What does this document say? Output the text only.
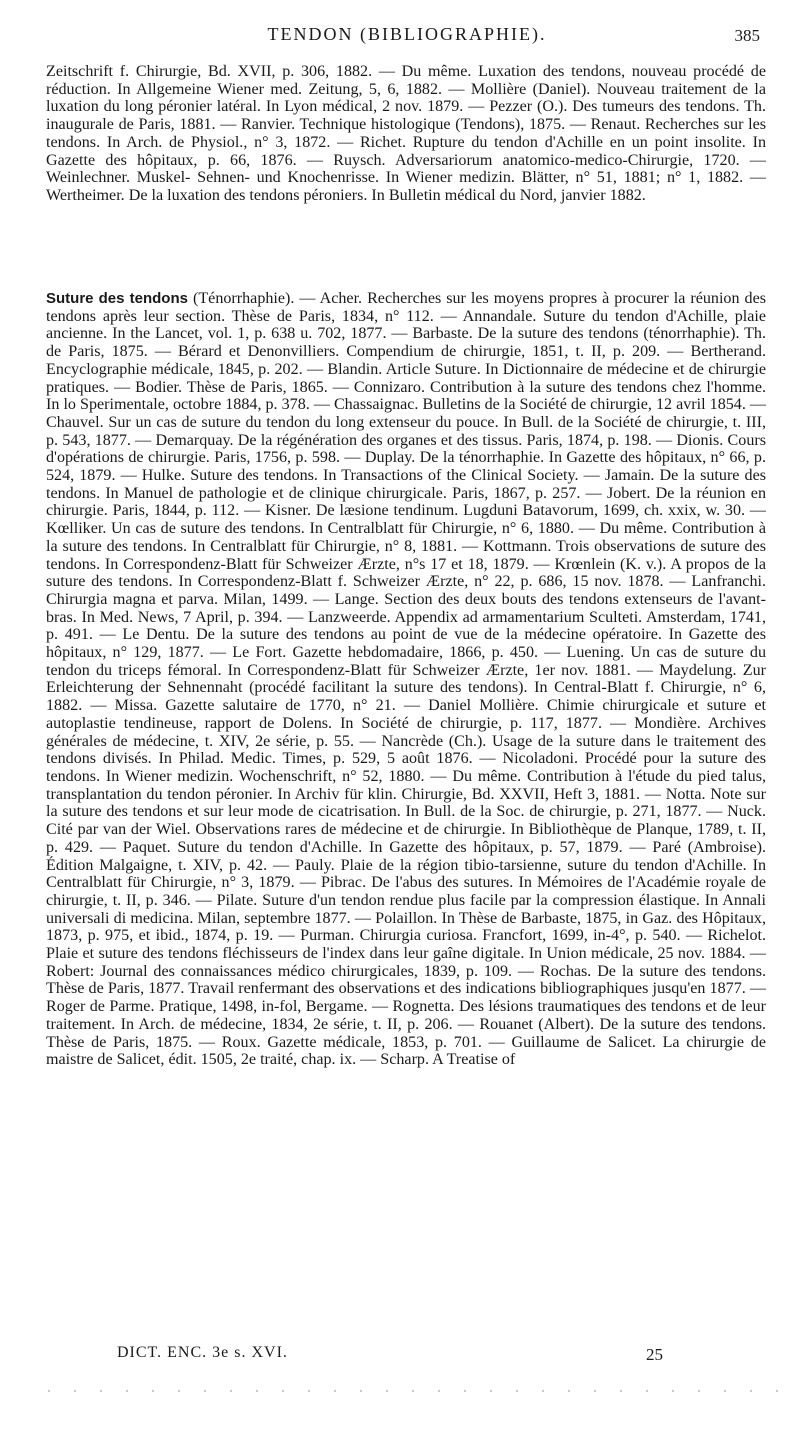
TENDON (BIBLIOGRAPHIE).	385

Zeitschrift f. Chirurgie, Bd. XVII, p. 306, 1882. — Du même. Luxation des tendons, nouveau procédé de réduction. In Allgemeine Wiener med. Zeitung, 5, 6, 1882. — Mollière (Daniel). Nouveau traitement de la luxation du long péronier latéral. In Lyon médical, 2 nov. 1879. — Pezzer (O.). Des tumeurs des tendons. Th. inaugurale de Paris, 1881. — Ranvier. Technique histologique (Tendons), 1875. — Renaut. Recherches sur les tendons. In Arch. de Physiol., n° 3, 1872. — Richet. Rupture du tendon d'Achille en un point insolite. In Gazette des hôpitaux, p. 66, 1876. — Ruysch. Adversariorum anatomico-medico-Chirurgie, 1720. — Weinlechner. Muskel- Sehnen- und Knochenrisse. In Wiener medizin. Blätter, n° 51, 1881; n° 1, 1882. — Wertheimer. De la luxation des tendons péroniers. In Bulletin médical du Nord, janvier 1882.

Suture des tendons (Ténorrhaphie). — Acher. Recherches sur les moyens propres à procurer la réunion des tendons après leur section. Thèse de Paris, 1834, n° 112. — Annandale. Suture du tendon d'Achille, plaie ancienne. In the Lancet, vol. 1, p. 638 u. 702, 1877. — Barbaste. De la suture des tendons (ténorrhaphie). Th. de Paris, 1875. — Bérard et Denonvilliers. Compendium de chirurgie, 1851, t. II, p. 209. — Bertherand. Encyclographie médicale, 1845, p. 202. — Blandin. Article Suture. In Dictionnaire de médecine et de chirurgie pratiques. — Bodier. Thèse de Paris, 1865. — Connizaro. Contribution à la suture des tendons chez l'homme. In lo Sperimentale, octobre 1884, p. 378. — Chassaignac. Bulletins de la Société de chirurgie, 12 avril 1854. — Chauvel. Sur un cas de suture du tendon du long extenseur du pouce. In Bull. de la Société de chirurgie, t. III, p. 543, 1877. — Demarquay. De la régénération des organes et des tissus. Paris, 1874, p. 198. — Dionis. Cours d'opérations de chirurgie. Paris, 1756, p. 598. — Duplay. De la ténorrhaphie. In Gazette des hôpitaux, n° 66, p. 524, 1879. — Hulke. Suture des tendons. In Transactions of the Clinical Society. — Jamain. De la suture des tendons. In Manuel de pathologie et de clinique chirurgicale. Paris, 1867, p. 257. — Jobert. De la réunion en chirurgie. Paris, 1844, p. 112. — Kisner. De læsione tendinum. Lugduni Batavorum, 1699, ch. xxix, w. 30. — Kœlliker. Un cas de suture des tendons. In Centralblatt für Chirurgie, n° 6, 1880. — Du même. Contribution à la suture des tendons. In Centralblatt für Chirurgie, n° 8, 1881. — Kottmann. Trois observations de suture des tendons. In Correspondenz-Blatt für Schweizer Ærzte, n°s 17 et 18, 1879. — Krœnlein (K. v.). A propos de la suture des tendons. In Correspondenz-Blatt f. Schweizer Ærzte, n° 22, p. 686, 15 nov. 1878. — Lanfranchi. Chirurgia magna et parva. Milan, 1499. — Lange. Section des deux bouts des tendons extenseurs de l'avant-bras. In Med. News, 7 April, p. 394. — Lanzweerde. Appendix ad armamentarium Sculteti. Amsterdam, 1741, p. 491. — Le Dentu. De la suture des tendons au point de vue de la médecine opératoire. In Gazette des hôpitaux, n° 129, 1877. — Le Fort. Gazette hebdomadaire, 1866, p. 450. — Luening. Un cas de suture du tendon du triceps fémoral. In Correspondenz-Blatt für Schweizer Ærzte, 1er nov. 1881. — Maydelung. Zur Erleichterung der Sehnennaht (procédé facilitant la suture des tendons). In Central-Blatt f. Chirurgie, n° 6, 1882. — Missa. Gazette salutaire de 1770, n° 21. — Daniel Mollière. Chimie chirurgicale et suture et autoplastie tendineuse, rapport de Dolens. In Société de chirurgie, p. 117, 1877. — Mondière. Archives générales de médecine, t. XIV, 2e série, p. 55. — Nancrède (Ch.). Usage de la suture dans le traitement des tendons divisés. In Philad. Medic. Times, p. 529, 5 août 1876. — Nicoladoni. Procédé pour la suture des tendons. In Wiener medizin. Wochenschrift, n° 52, 1880. — Du même. Contribution à l'étude du pied talus, transplantation du tendon péronier. In Archiv für klin. Chirurgie, Bd. XXVII, Heft 3, 1881. — Notta. Note sur la suture des tendons et sur leur mode de cicatrisation. In Bull. de la Soc. de chirurgie, p. 271, 1877. — Nuck. Cité par van der Wiel. Observations rares de médecine et de chirurgie. In Bibliothèque de Planque, 1789, t. II, p. 429. — Paquet. Suture du tendon d'Achille. In Gazette des hôpitaux, p. 57, 1879. — Paré (Ambroise). Édition Malgaigne, t. XIV, p. 42. — Pauly. Plaie de la région tibio-tarsienne, suture du tendon d'Achille. In Centralblatt für Chirurgie, n° 3, 1879. — Pibrac. De l'abus des sutures. In Mémoires de l'Académie royale de chirurgie, t. II, p. 346. — Pilate. Suture d'un tendon rendue plus facile par la compression élastique. In Annali universali di medicina. Milan, septembre 1877. — Polaillon. In Thèse de Barbaste, 1875, in Gaz. des Hôpitaux, 1873, p. 975, et ibid., 1874, p. 19. — Purman. Chirurgia curiosa. Francfort, 1699, in-4°, p. 540. — Richelot. Plaie et suture des tendons fléchisseurs de l'index dans leur gaîne digitale. In Union médicale, 25 nov. 1884. — Robert: Journal des connaissances médico chirurgicales, 1839, p. 109. — Rochas. De la suture des tendons. Thèse de Paris, 1877. Travail renfermant des observations et des indications bibliographiques jusqu'en 1877. — Roger de Parme. Pratique, 1498, in-fol, Bergame. — Rognetta. Des lésions traumatiques des tendons et de leur traitement. In Arch. de médecine, 1834, 2e série, t. II, p. 206. — Rouanet (Albert). De la suture des tendons. Thèse de Paris, 1875. — Roux. Gazette médicale, 1853, p. 701. — Guillaume de Salicet. La chirurgie de maistre de Salicet, édit. 1505, 2e traité, chap. ix. — Scharp. A Treatise of

DICT. ENC. 3e s. XVI.	25
